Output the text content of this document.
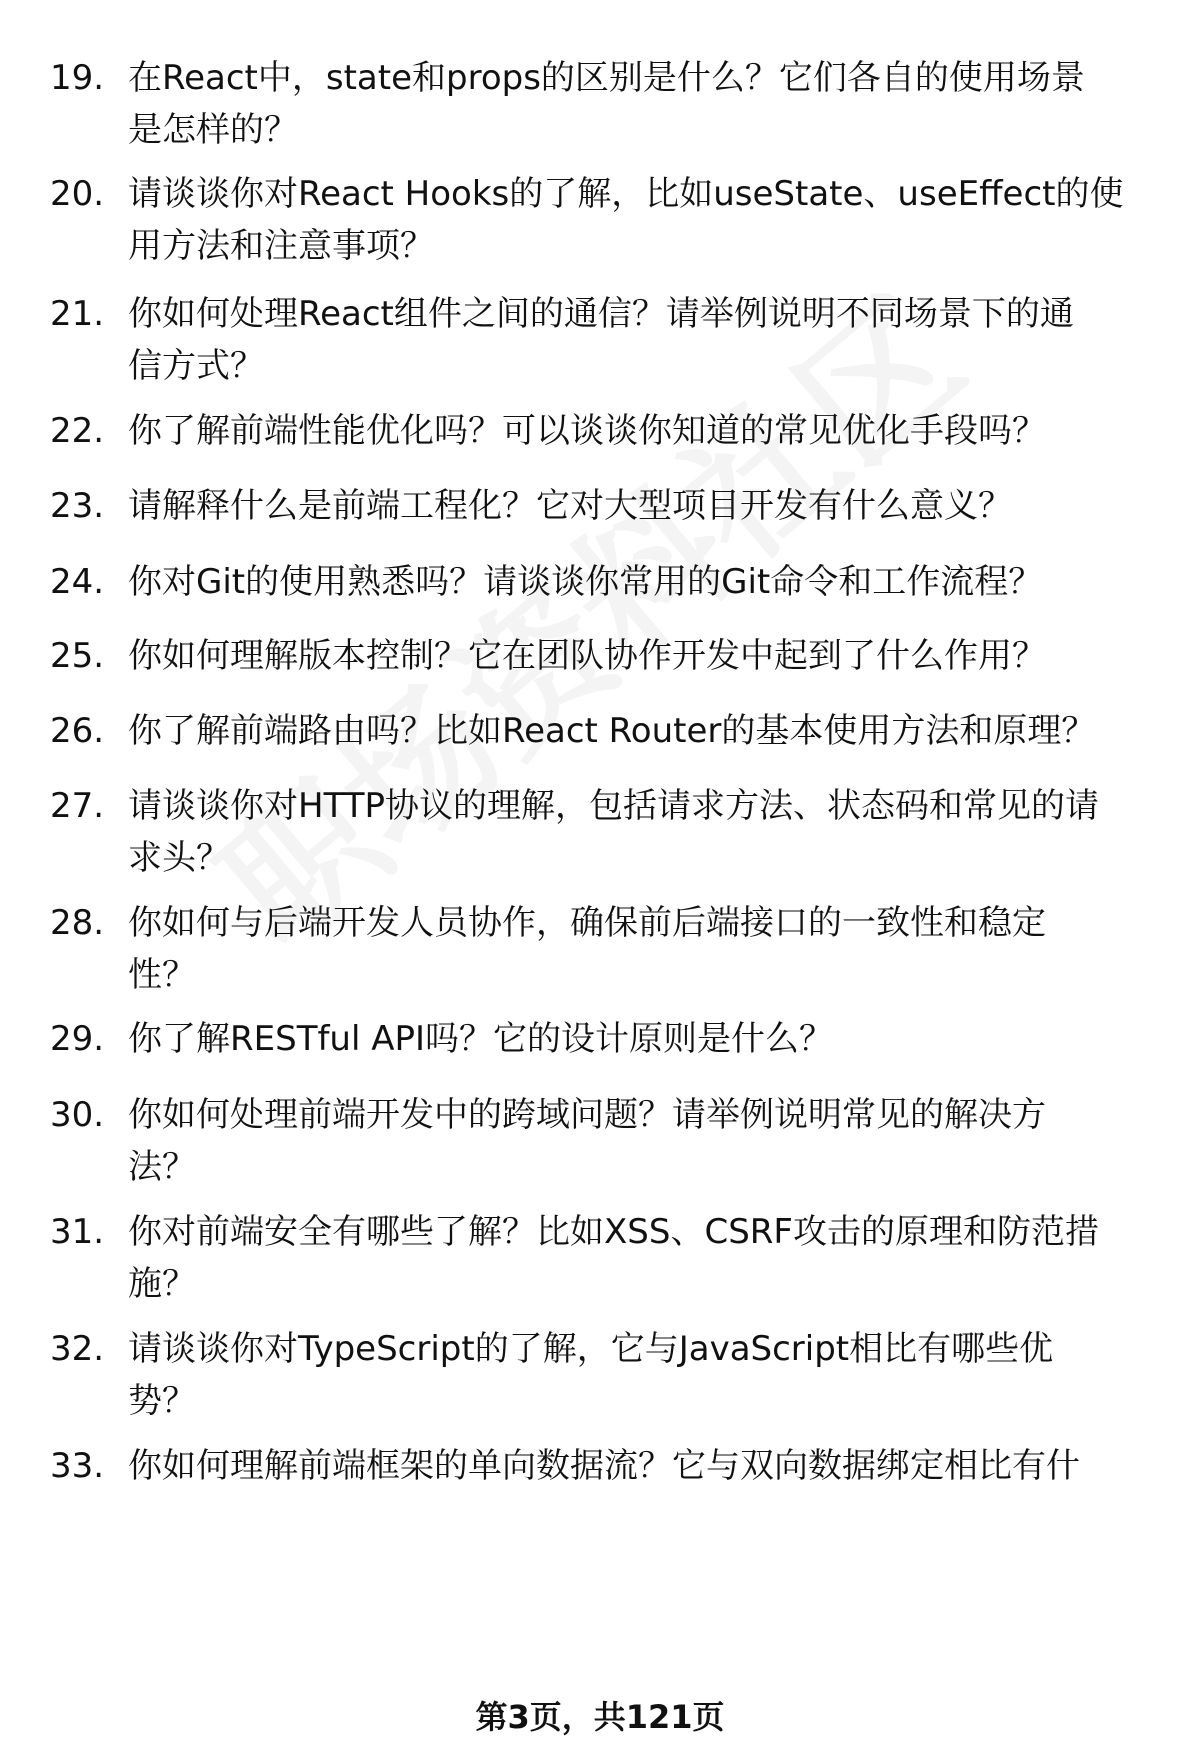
19. 在React中，state和props的区别是什么？它们各自的使用场景
是怎样的？
20. 请谈谈你对React Hooks的了解，比如useState、useEffect的使
用方法和注意事项？
21. 你如何处理React组件之间的通信？请举例说明不同场景下的通
信方式？
22. 你了解前端性能优化吗？可以谈谈你知道的常见优化手段吗？
23. 请解释什么是前端工程化？它对大型项目开发有什么意义？
24. 你对Git的使用熟悉吗？请谈谈你常用的Git命令和工作流程？
25. 你如何理解版本控制？它在团队协作开发中起到了什么作用？
26. 你了解前端路由吗？比如React Router的基本使用方法和原理？
27. 请谈谈你对HTTP协议的理解，包括请求方法、状态码和常见的请
求头？
28. 你如何与后端开发人员协作，确保前后端接口的一致性和稳定
性？
29. 你了解RESTful API吗？它的设计原则是什么？
30. 你如何处理前端开发中的跨域问题？请举例说明常见的解决方
法？
31. 你对前端安全有哪些了解？比如XSS、CSRF攻击的原理和防范措
施？
32. 请谈谈你对TypeScript的了解，它与JavaScript相比有哪些优
势？
33. 你如何理解前端框架的单向数据流？它与双向数据绑定相比有什
第3页，共121页
